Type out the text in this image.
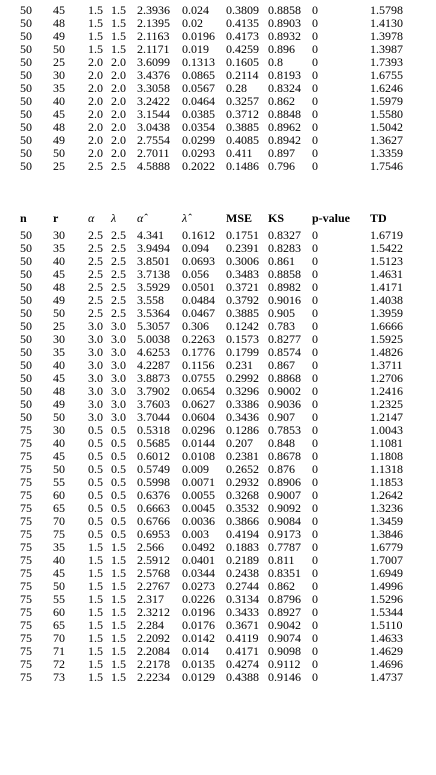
50 45 1.5 1.5 2.3936 0.024 0.3809 0.8858 0	1.5798
50 48 1.5 1.5 2.1395 0.02 0.4135 0.8903 0	1.4130
50 49 1.5 1.5 2.1163 0.0196 0.4173 0.8932 0	1.3978
50 50 1.5 1.5 2.1171 0.019 0.4259 0.896 0	1.3987
50 25 2.0 2.0 3.6099 0.1313 0.1605 0.8 0	1.7393
50 30 2.0 2.0 3.4376 0.0865 0.2114 0.8193 0	1.6755
50 35 2.0 2.0 3.3058 0.0567 0.28 0.8324 0	1.6246
50 40 2.0 2.0 3.2422 0.0464 0.3257 0.862 0	1.5979
50 45 2.0 2.0 3.1544 0.0385 0.3712 0.8848 0	1.5580
50 48 2.0 2.0 3.0438 0.0354 0.3885 0.8962 0	1.5042
50 49 2.0 2.0 2.7554 0.0299 0.4085 0.8942 0	1.3627
50 50 2.0 2.0 2.7011 0.0293 0.411 0.897 0	1.3359
50 25 2.5 2.5 4.5888 0.2022 0.1486 0.796 0	1.7546
n r α λ α̂	λ̂	MSE KS p-value TD
50 30 2.5 2.5 4.341 0.1612 0.1751 0.8327 0	1.6719
50 35 2.5 2.5 3.9494 0.094 0.2391 0.8283 0	1.5422
50 40 2.5 2.5 3.8501 0.0693 0.3006 0.861 0	1.5123
50 45 2.5 2.5 3.7138 0.056 0.3483 0.8858 0	1.4631
50 48 2.5 2.5 3.5929 0.0501 0.3721 0.8982 0	1.4171
50 49 2.5 2.5 3.558 0.0484 0.3792 0.9016 0	1.4038
50 50 2.5 2.5 3.5364 0.0467 0.3885 0.905 0	1.3959
50 25 3.0 3.0 5.3057 0.306 0.1242 0.783 0	1.6666
50 30 3.0 3.0 5.0038 0.2263 0.1573 0.8277 0	1.5925
50 35 3.0 3.0 4.6253 0.1776 0.1799 0.8574 0	1.4826
50 40 3.0 3.0 4.2287 0.1156 0.231 0.867 0	1.3711
50 45 3.0 3.0 3.8873 0.0755 0.2992 0.8868 0	1.2706
50 48 3.0 3.0 3.7902 0.0654 0.3296 0.9002 0	1.2416
50 49 3.0 3.0 3.7603 0.0627 0.3386 0.9036 0	1.2325
50 50 3.0 3.0 3.7044 0.0604 0.3436 0.907 0	1.2147
75 30 0.5 0.5 0.5318 0.0296 0.1286 0.7853 0	1.0043
75 40 0.5 0.5 0.5685 0.0144 0.207 0.848 0	1.1081
75 45 0.5 0.5 0.6012 0.0108 0.2381 0.8678 0	1.1808
75 50 0.5 0.5 0.5749 0.009 0.2652 0.876 0	1.1318
75 55 0.5 0.5 0.5998 0.0071 0.2932 0.8906 0	1.1853
75 60 0.5 0.5 0.6376 0.0055 0.3268 0.9007 0	1.2642
75 65 0.5 0.5 0.6663 0.0045 0.3532 0.9092 0	1.3236
75 70 0.5 0.5 0.6766 0.0036 0.3866 0.9084 0	1.3459
75 75 0.5 0.5 0.6953 0.003 0.4194 0.9173 0	1.3846
75 35 1.5 1.5 2.566 0.0492 0.1883 0.7787 0	1.6779
75 40 1.5 1.5 2.5912 0.0401 0.2189 0.811 0	1.7007
75 45 1.5 1.5 2.5768 0.0344 0.2438 0.8351 0	1.6949
75 50 1.5 1.5 2.2767 0.0273 0.2744 0.862 0	1.4996
75 55 1.5 1.5 2.317 0.0226 0.3134 0.8796 0	1.5296
75 60 1.5 1.5 2.3212 0.0196 0.3433 0.8927 0	1.5344
75 65 1.5 1.5 2.284 0.0176 0.3671 0.9042 0	1.5110
75 70 1.5 1.5 2.2092 0.0142 0.4119 0.9074 0	1.4633
75 71 1.5 1.5 2.2084 0.014 0.4171 0.9098 0	1.4629
75 72 1.5 1.5 2.2178 0.0135 0.4274 0.9112 0	1.4696
75 73 1.5 1.5 2.2234 0.0129 0.4388 0.9146 0	1.4737
